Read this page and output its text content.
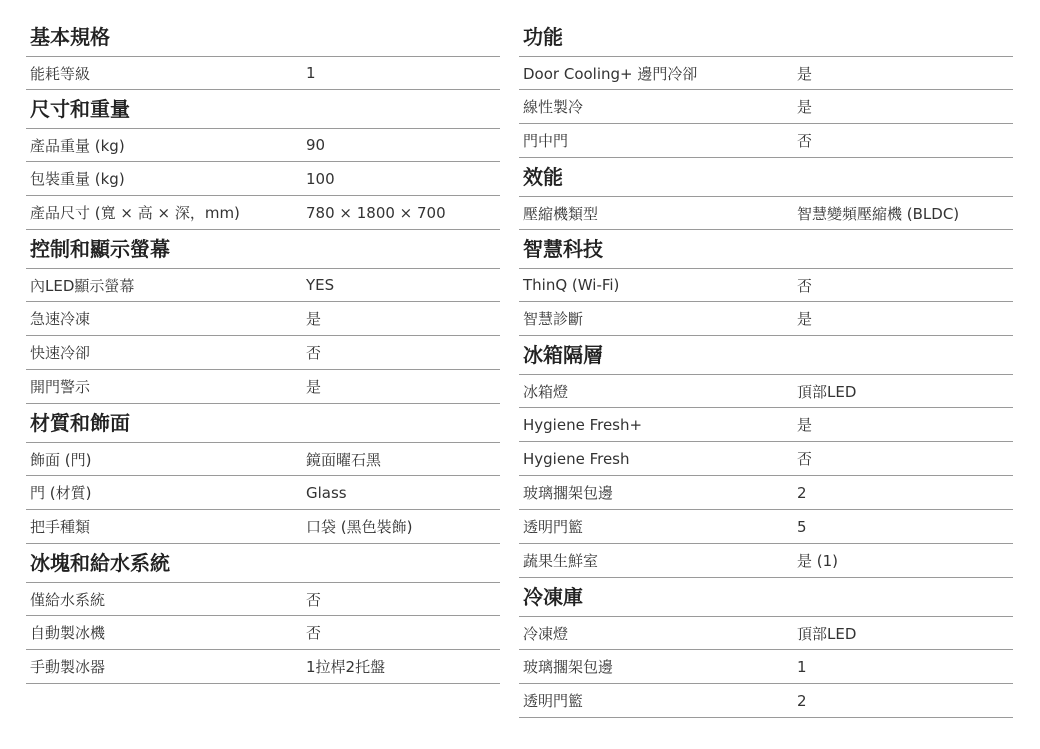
基本規格
能耗等級	1
尺寸和重量
產品重量 (kg)	90
包裝重量 (kg)	100
產品尺寸 (寬 × 高 × 深，mm)	780 × 1800 × 700
控制和顯示螢幕
內LED顯示螢幕	YES
急速冷凍	是
快速冷卻	否
開門警示	是
材質和飾面
飾面 (門)	鏡面曜石黑
門 (材質)	Glass
把手種類	口袋 (黑色裝飾)
冰塊和給水系統
僅給水系統	否
自動製冰機	否
手動製冰器	1拉桿2托盤
功能
Door Cooling+ 邊門冷卻	是
線性製冷	是
門中門	否
效能
壓縮機類型	智慧變頻壓縮機 (BLDC)
智慧科技
ThinQ (Wi-Fi)	否
智慧診斷	是
冰箱隔層
冰箱燈	頂部LED
Hygiene Fresh+	是
Hygiene Fresh	否
玻璃擱架包邊	2
透明門籃	5
蔬果生鮮室	是 (1)
冷凍庫
冷凍燈	頂部LED
玻璃擱架包邊	1
透明門籃	2
